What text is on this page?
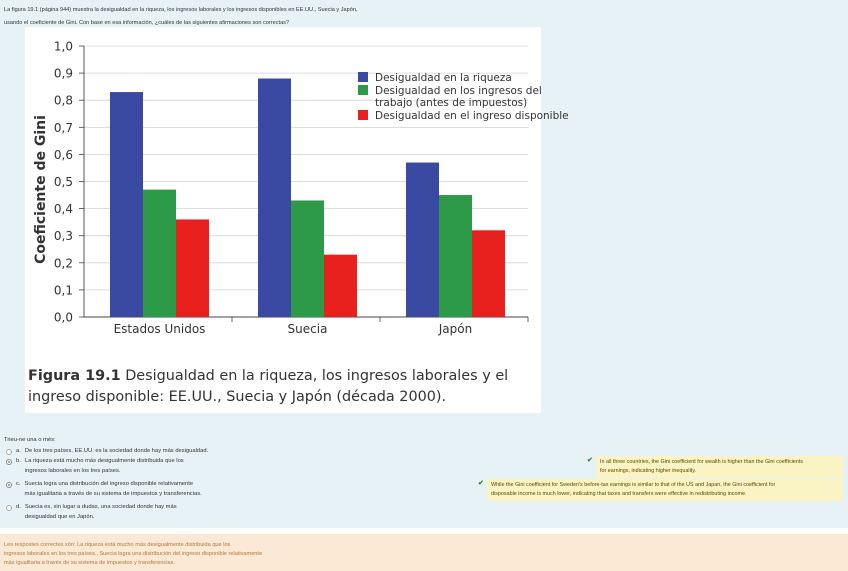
La figura 19.1 (página 944) muestra la desigualdad en la riqueza, los ingresos laborales y los ingresos disponibles en EE.UU., Suecia y Japón,
usando el coeficiente de Gini. Con base en esa información, ¿cuáles de las siguientes afirmaciones son correctas?
0,0
0,1
0,2
0,3
0,4
0,5
0,6
0,7
0,8
0,9
1,0
Coeficiente de Gini
Estados Unidos	Suecia	Japón
Desigualdad en la riqueza
Desigualdad en los ingresos del
trabajo (antes de impuestos)
Desigualdad en el ingreso disponible
Figura 19.1 Desigualdad en la riqueza, los ingresos laborales y el ingreso disponible: EE.UU., Suecia y Japón (década 2000).
Trieu-ne una o més:
a. De los tres países, EE.UU. es la sociedad donde hay más desigualdad.
b. La riqueza está mucho más desigualmente distribuida que los
ingresos laborales en los tres países.
c. Suecia logra una distribución del ingreso disponible relativamente
más igualitaria a través de su sistema de impuestos y transferencias.
d. Suecia es, sin lugar a dudas, una sociedad donde hay más
desigualdad que en Japón.
✔ In all three countries, the Gini coefficient for wealth is higher than the Gini coefficients
for earnings, indicating higher inequality.
✔ While the Gini coefficient for Sweden's before-tax earnings is similar to that of the US and Japan, the Gini coefficient for
disposable income is much lower, indicating that taxes and transfers were effective in redistributing income.
Les respostes correctes són: La riqueza está mucho más desigualmente distribuida que los
ingresos laborales en los tres países., Suecia logra una distribución del ingreso disponible relativamente
más igualitaria a través de su sistema de impuestos y transferencias.
